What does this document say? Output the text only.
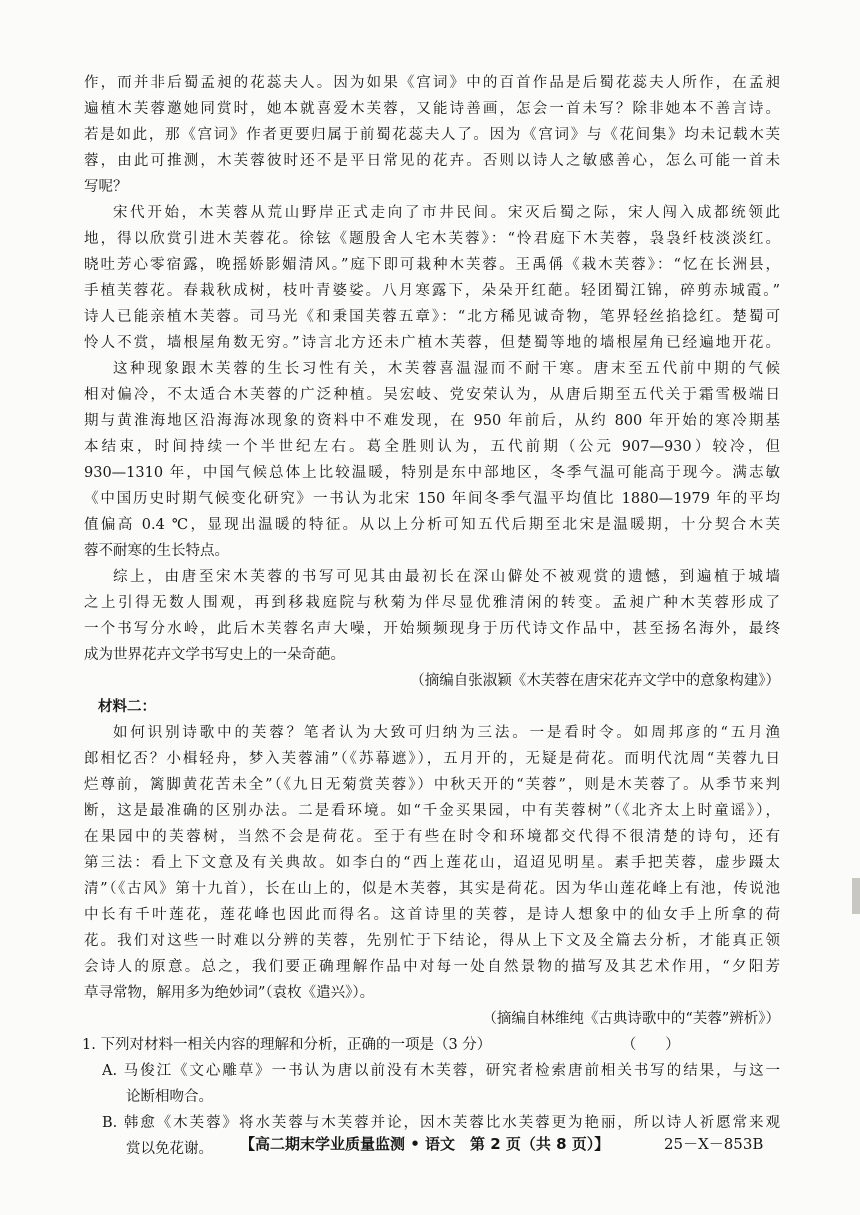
作，而并非后蜀孟昶的花蕊夫人。因为如果《宫词》中的百首作品是后蜀花蕊夫人所作，在孟昶
遍植木芙蓉邀她同赏时，她本就喜爱木芙蓉，又能诗善画，怎会一首未写？除非她本不善言诗。
若是如此，那《宫词》作者更要归属于前蜀花蕊夫人了。因为《宫词》与《花间集》均未记载木芙
蓉，由此可推测，木芙蓉彼时还不是平日常见的花卉。否则以诗人之敏感善心，怎么可能一首未
写呢？
宋代开始，木芙蓉从荒山野岸正式走向了市井民间。宋灭后蜀之际，宋人闯入成都统领此
地，得以欣赏引进木芙蓉花。徐铉《题殷舍人宅木芙蓉》：“怜君庭下木芙蓉，袅袅纤枝淡淡红。
晓吐芳心零宿露，晚摇娇影媚清风。”庭下即可栽种木芙蓉。王禹偁《栽木芙蓉》：“忆在长洲县，
手植芙蓉花。春栽秋成树，枝叶青婆娑。八月寒露下，朵朵开红葩。轻团蜀江锦，碎剪赤城霞。”
诗人已能亲植木芙蓉。司马光《和秉国芙蓉五章》：“北方稀见诚奇物，笔界轻丝掐捻红。楚蜀可
怜人不赏，墙根屋角数无穷。”诗言北方还未广植木芙蓉，但楚蜀等地的墙根屋角已经遍地开花。
这种现象跟木芙蓉的生长习性有关，木芙蓉喜温湿而不耐干寒。唐末至五代前中期的气候
相对偏冷，不太适合木芙蓉的广泛种植。吴宏岐、党安荣认为，从唐后期至五代关于霜雪极端日
期与黄淮海地区沿海海冰现象的资料中不难发现，在 950 年前后，从约 800 年开始的寒冷期基
本结束，时间持续一个半世纪左右。葛全胜则认为，五代前期（公元 907—930）较冷，但
930—1310 年，中国气候总体上比较温暖，特别是东中部地区，冬季气温可能高于现今。满志敏
《中国历史时期气候变化研究》一书认为北宋 150 年间冬季气温平均值比 1880—1979 年的平均
值偏高 0.4 ℃，显现出温暖的特征。从以上分析可知五代后期至北宋是温暖期，十分契合木芙
蓉不耐寒的生长特点。
综上，由唐至宋木芙蓉的书写可见其由最初长在深山僻处不被观赏的遗憾，到遍植于城墙
之上引得无数人围观，再到移栽庭院与秋菊为伴尽显优雅清闲的转变。孟昶广种木芙蓉形成了
一个书写分水岭，此后木芙蓉名声大噪，开始频频现身于历代诗文作品中，甚至扬名海外，最终
成为世界花卉文学书写史上的一朵奇葩。
（摘编自张淑颖《木芙蓉在唐宋花卉文学中的意象构建》）
材料二：
如何识别诗歌中的芙蓉？笔者认为大致可归纳为三法。一是看时令。如周邦彦的“五月渔
郎相忆否？小楫轻舟，梦入芙蓉浦”（《苏幕遮》），五月开的，无疑是荷花。而明代沈周“芙蓉九日
烂尊前，篱脚黄花苦未全”（《九日无菊赏芙蓉》）中秋天开的“芙蓉”，则是木芙蓉了。从季节来判
断，这是最准确的区别办法。二是看环境。如“千金买果园，中有芙蓉树”（《北齐太上时童谣》），
在果园中的芙蓉树，当然不会是荷花。至于有些在时令和环境都交代得不很清楚的诗句，还有
第三法：看上下文意及有关典故。如李白的“西上莲花山，迢迢见明星。素手把芙蓉，虚步蹑太
清”（《古风》第十九首），长在山上的，似是木芙蓉，其实是荷花。因为华山莲花峰上有池，传说池
中长有千叶莲花，莲花峰也因此而得名。这首诗里的芙蓉，是诗人想象中的仙女手上所拿的荷
花。我们对这些一时难以分辨的芙蓉，先别忙于下结论，得从上下文及全篇去分析，才能真正领
会诗人的原意。总之，我们要正确理解作品中对每一处自然景物的描写及其艺术作用，“夕阳芳
草寻常物，解用多为绝妙词”（袁枚《遣兴》）。
（摘编自林维纯《古典诗歌中的“芙蓉”辨析》）
1. 下列对材料一相关内容的理解和分析，正确的一项是（3 分）　　　　　　　　　　（　　）
A. 马俊江《文心雕草》一书认为唐以前没有木芙蓉，研究者检索唐前相关书写的结果，与这一
论断相吻合。
B. 韩愈《木芙蓉》将水芙蓉与木芙蓉并论，因木芙蓉比水芙蓉更为艳丽，所以诗人祈愿常来观
赏以免花谢。	【高二期末学业质量监测 • 语文　第 2 页（共 8 页）】	25－X－853B
